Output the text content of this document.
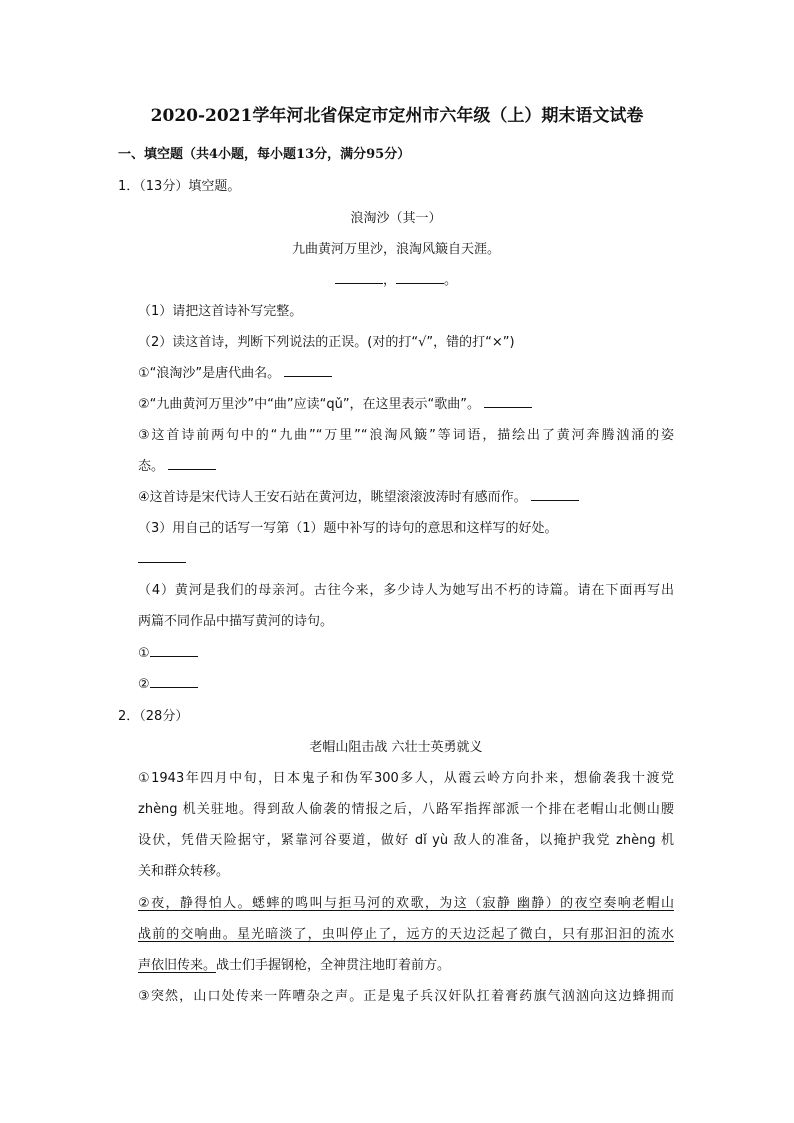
2020-2021学年河北省保定市定州市六年级（上）期末语文试卷
一、填空题（共4小题，每小题13分，满分95分）
1．（13分）填空题。
浪淘沙（其一）
九曲黄河万里沙，浪淘风簸自天涯。
，	。
（1）请把这首诗补写完整。
（2）读这首诗，判断下列说法的正误。(对的打“√”，错的打“×”)
①“浪淘沙”是唐代曲名。
②“九曲黄河万里沙”中“曲”应读“qǔ”，在这里表示“歌曲”。
③这首诗前两句中的“九曲”“万里”“浪淘风簸”等词语，描绘出了黄河奔腾汹涌的姿
态。
④这首诗是宋代诗人王安石站在黄河边，眺望滚滚波涛时有感而作。
（3）用自己的话写一写第（1）题中补写的诗句的意思和这样写的好处。
（4）黄河是我们的母亲河。古往今来，多少诗人为她写出不朽的诗篇。请在下面再写出
两篇不同作品中描写黄河的诗句。
①
②
2．（28分）
老帽山阻击战 六壮士英勇就义
①1943年四月中旬，日本鬼子和伪军300多人，从霞云岭方向扑来，想偷袭我十渡党
zhèng 机关驻地。得到敌人偷袭的情报之后，八路军指挥部派一个排在老帽山北侧山腰
设伏，凭借天险据守，紧靠河谷要道，做好 dǐ yù 敌人的准备，以掩护我党 zhèng 机
关和群众转移。
②夜，静得怕人。蟋蟀的鸣叫与拒马河的欢歌，为这（寂静 幽静）的夜空奏响老帽山
战前的交响曲。星光暗淡了，虫叫停止了，远方的天边泛起了微白，只有那汩汩的流水
声依旧传来。战士们手握钢枪，全神贯注地盯着前方。
③突然，山口处传来一阵嘈杂之声。正是鬼子兵汉奸队扛着膏药旗气汹汹向这边蜂拥而
